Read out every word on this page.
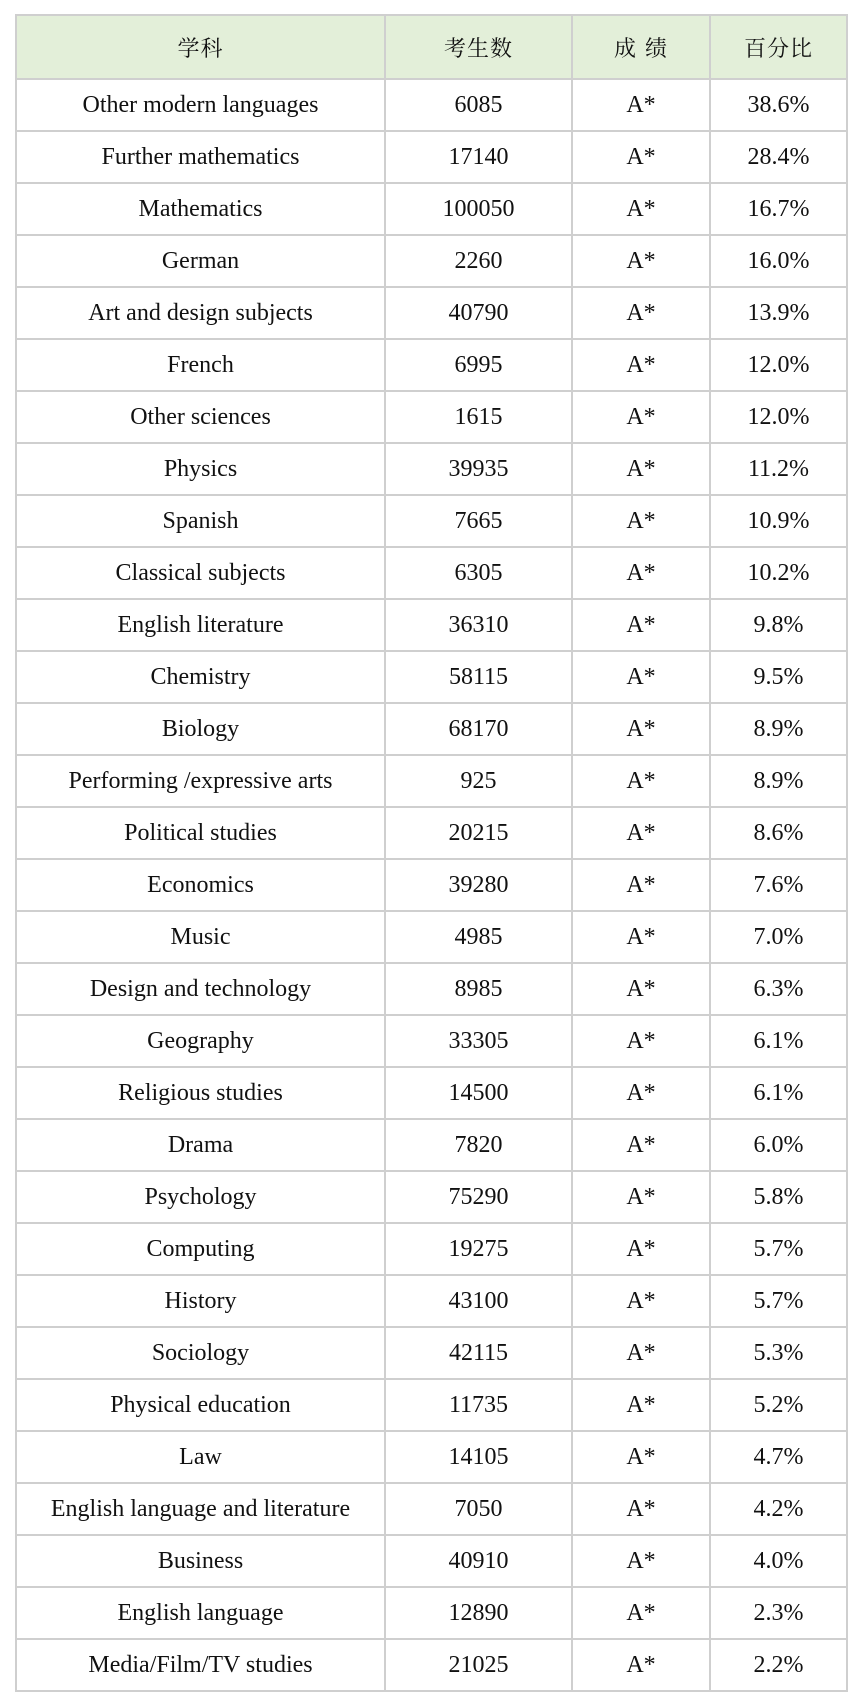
学科	考生数	成 绩	百分比
Other modern languages	6085	A*	38.6%
Further mathematics	17140	A*	28.4%
Mathematics	100050	A*	16.7%
German	2260	A*	16.0%
Art and design subjects	40790	A*	13.9%
French	6995	A*	12.0%
Other sciences	1615	A*	12.0%
Physics	39935	A*	11.2%
Spanish	7665	A*	10.9%
Classical subjects	6305	A*	10.2%
English literature	36310	A*	9.8%
Chemistry	58115	A*	9.5%
Biology	68170	A*	8.9%
Performing /expressive arts	925	A*	8.9%
Political studies	20215	A*	8.6%
Economics	39280	A*	7.6%
Music	4985	A*	7.0%
Design and technology	8985	A*	6.3%
Geography	33305	A*	6.1%
Religious studies	14500	A*	6.1%
Drama	7820	A*	6.0%
Psychology	75290	A*	5.8%
Computing	19275	A*	5.7%
History	43100	A*	5.7%
Sociology	42115	A*	5.3%
Physical education	11735	A*	5.2%
Law	14105	A*	4.7%
English language and literature	7050	A*	4.2%
Business	40910	A*	4.0%
English language	12890	A*	2.3%
Media/Film/TV studies	21025	A*	2.2%
